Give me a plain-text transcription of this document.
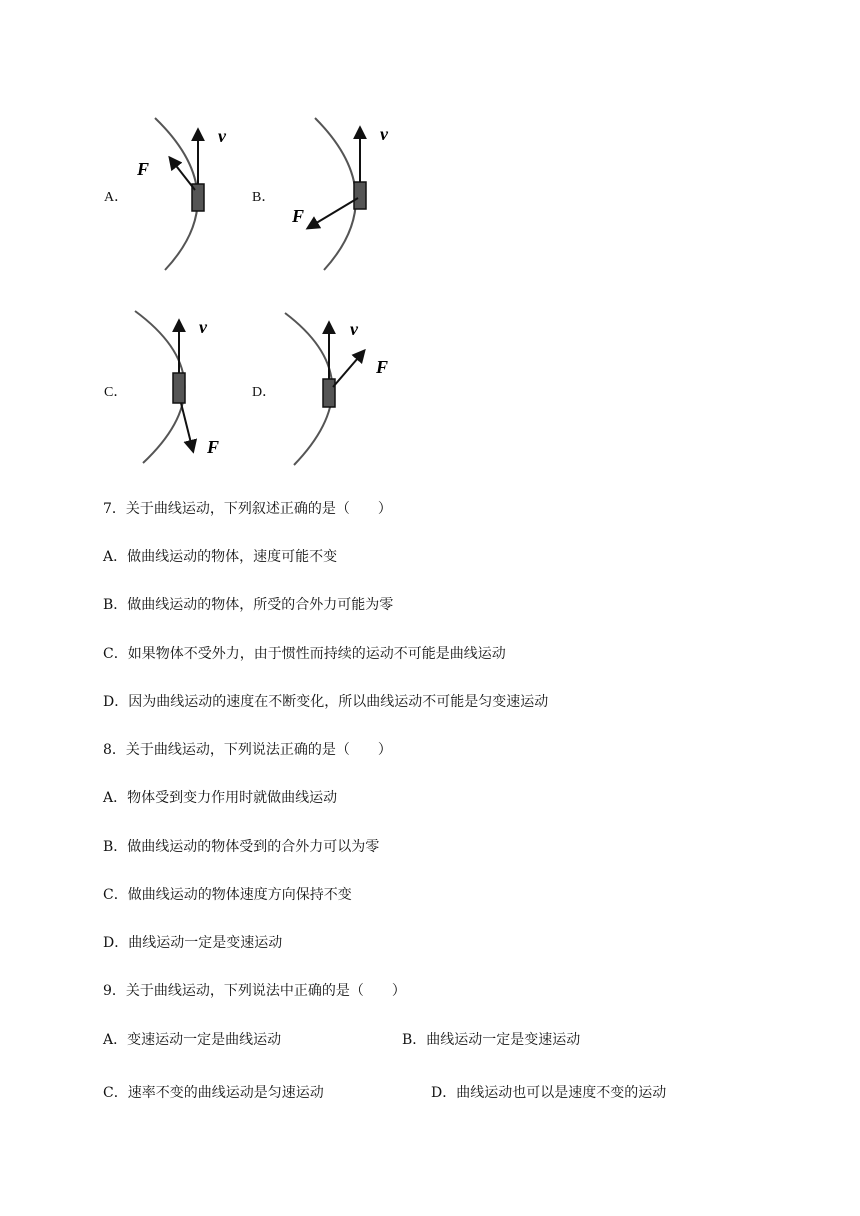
A．
v
F
B．
v
F
C．
v
F
D．
v
F
7．关于曲线运动，下列叙述正确的是（　　）
A．做曲线运动的物体，速度可能不变
B．做曲线运动的物体，所受的合外力可能为零
C．如果物体不受外力，由于惯性而持续的运动不可能是曲线运动
D．因为曲线运动的速度在不断变化，所以曲线运动不可能是匀变速运动
8．关于曲线运动，下列说法正确的是（　　）
A．物体受到变力作用时就做曲线运动
B．做曲线运动的物体受到的合外力可以为零
C．做曲线运动的物体速度方向保持不变
D．曲线运动一定是变速运动
9．关于曲线运动，下列说法中正确的是（　　）
A．变速运动一定是曲线运动	B．曲线运动一定是变速运动
C．速率不变的曲线运动是匀速运动	D．曲线运动也可以是速度不变的运动
